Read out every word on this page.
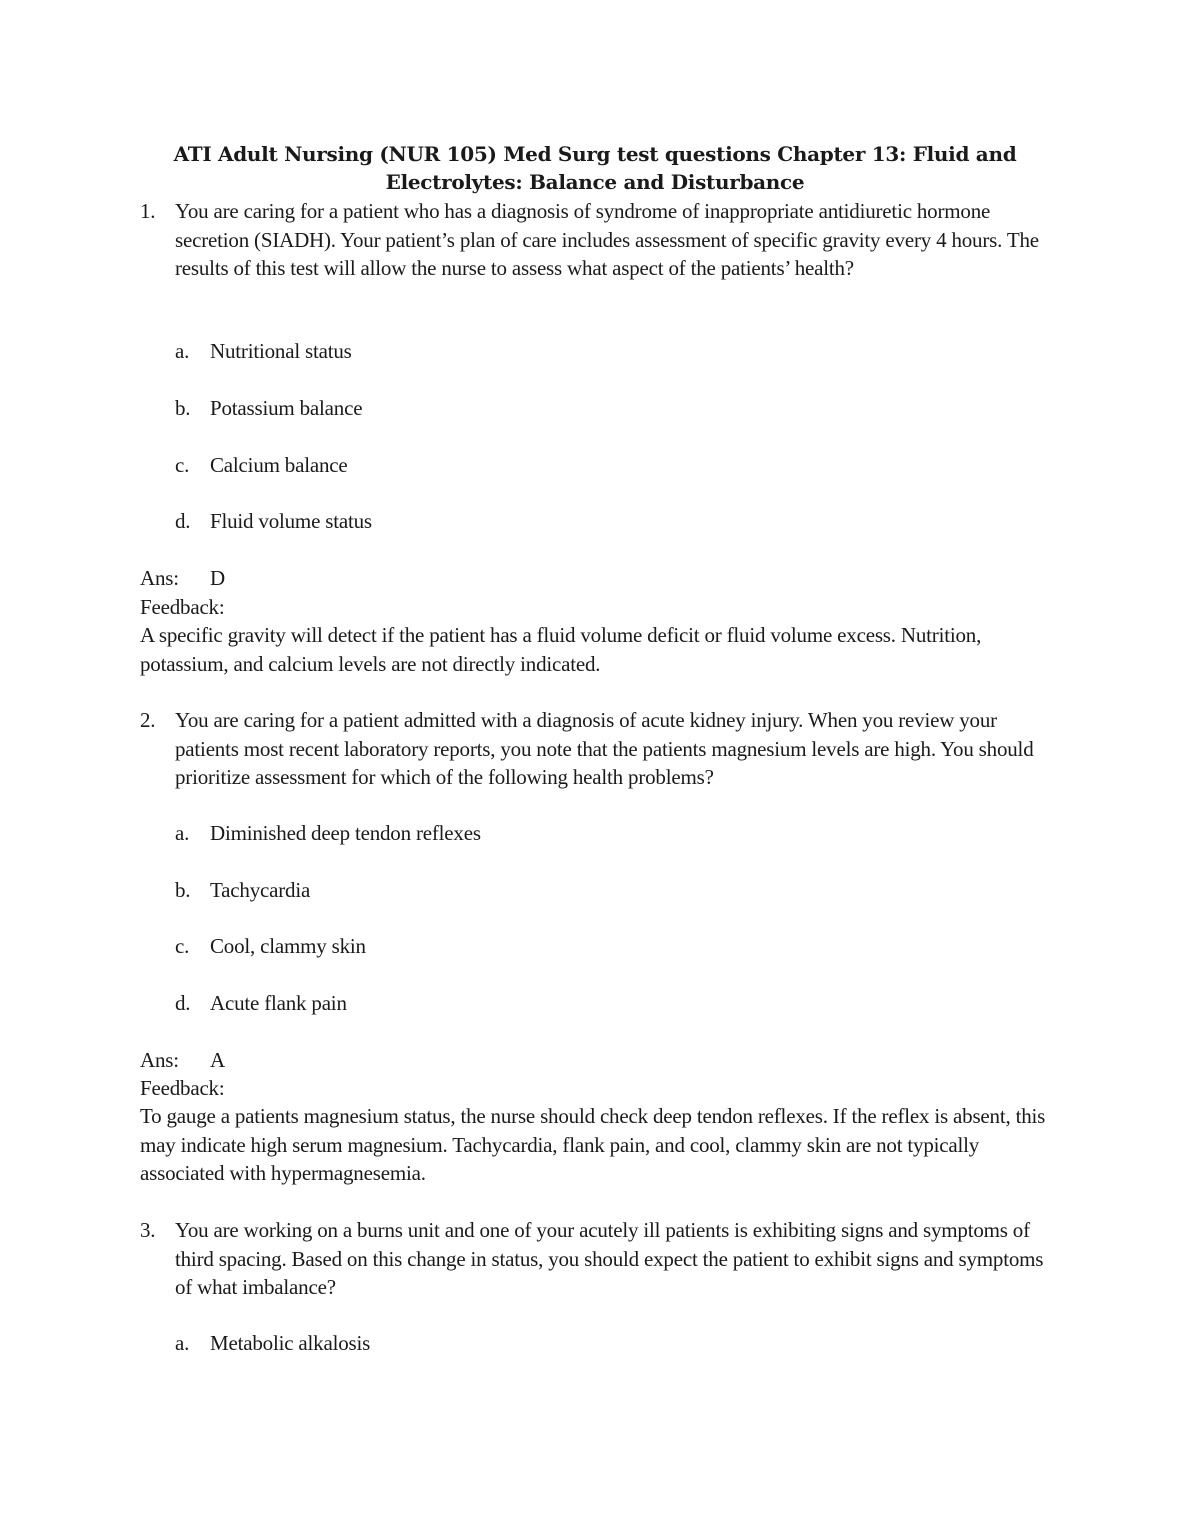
ATI Adult Nursing (NUR 105) Med Surg test questions Chapter 13: Fluid and Electrolytes: Balance and Disturbance
1. You are caring for a patient who has a diagnosis of syndrome of inappropriate antidiuretic hormone secretion (SIADH). Your patient’s plan of care includes assessment of specific gravity every 4 hours. The results of this test will allow the nurse to assess what aspect of the patients’ health?
a. Nutritional status
b. Potassium balance
c. Calcium balance
d. Fluid volume status
Ans: D
Feedback:
A specific gravity will detect if the patient has a fluid volume deficit or fluid volume excess. Nutrition, potassium, and calcium levels are not directly indicated.
2. You are caring for a patient admitted with a diagnosis of acute kidney injury. When you review your patients most recent laboratory reports, you note that the patients magnesium levels are high. You should prioritize assessment for which of the following health problems?
a. Diminished deep tendon reflexes
b. Tachycardia
c. Cool, clammy skin
d. Acute flank pain
Ans: A
Feedback:
To gauge a patients magnesium status, the nurse should check deep tendon reflexes. If the reflex is absent, this may indicate high serum magnesium. Tachycardia, flank pain, and cool, clammy skin are not typically associated with hypermagnesemia.
3. You are working on a burns unit and one of your acutely ill patients is exhibiting signs and symptoms of third spacing. Based on this change in status, you should expect the patient to exhibit signs and symptoms of what imbalance?
a. Metabolic alkalosis
